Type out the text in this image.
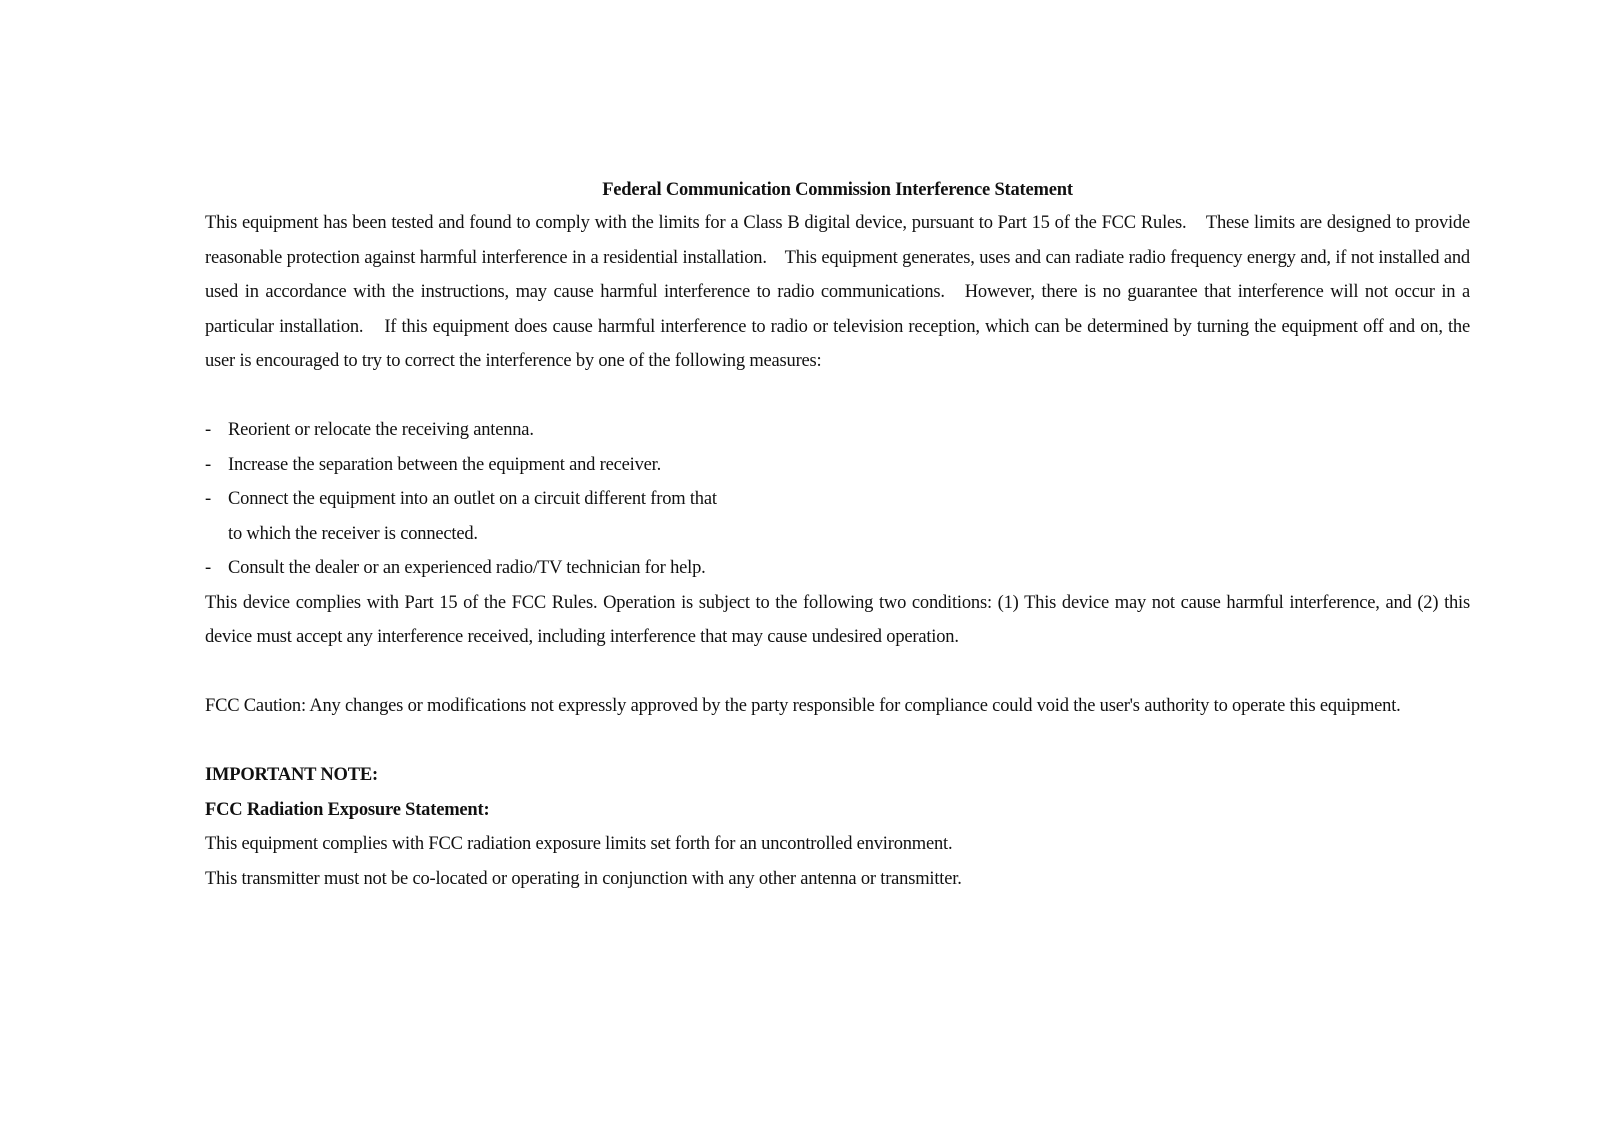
Federal Communication Commission Interference Statement

This equipment has been tested and found to comply with the limits for a Class B digital device, pursuant to Part 15 of the FCC Rules.    These limits are designed to provide reasonable protection against harmful interference in a residential installation.    This equipment generates, uses and can radiate radio frequency energy and, if not installed and used in accordance with the instructions, may cause harmful interference to radio communications.   However, there is no guarantee that interference will not occur in a particular installation.    If this equipment does cause harmful interference to radio or television reception, which can be determined by turning the equipment off and on, the user is encouraged to try to correct the interference by one of the following measures:

- Reorient or relocate the receiving antenna.
- Increase the separation between the equipment and receiver.
- Connect the equipment into an outlet on a circuit different from that
to which the receiver is connected.
- Consult the dealer or an experienced radio/TV technician for help.

This device complies with Part 15 of the FCC Rules. Operation is subject to the following two conditions: (1) This device may not cause harmful interference, and (2) this device must accept any interference received, including interference that may cause undesired operation.

FCC Caution: Any changes or modifications not expressly approved by the party responsible for compliance could void the user's authority to operate this equipment.

IMPORTANT NOTE:
FCC Radiation Exposure Statement:
This equipment complies with FCC radiation exposure limits set forth for an uncontrolled environment.
This transmitter must not be co-located or operating in conjunction with any other antenna or transmitter.
